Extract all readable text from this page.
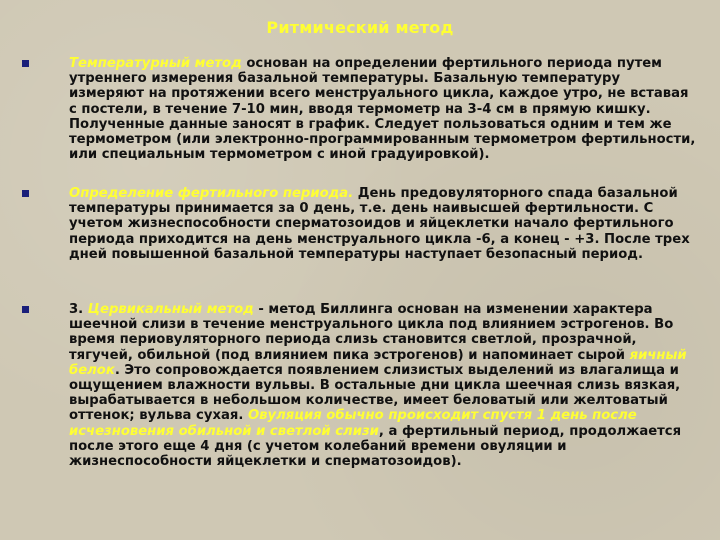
Ритмический метод
Температурный метод основан на определении фертильного периода путем утреннего измерения базальной температуры. Базальную температуру измеряют на протяжении всего менструального цикла, каждое утро, не вставая с постели, в течение 7-10 мин, вводя термометр на 3-4 см в прямую кишку. Полученные данные заносят в график. Следует пользоваться одним и тем же термометром (или электронно-программированным термометром фертильности, или специальным термометром с иной градуировкой).
Определение фертильного периода. День предовуляторного спада базальной температуры принимается за 0 день, т.е. день наивысшей фертильности. С учетом жизнеспособности сперматозоидов и яйцеклетки начало фертильного периода приходится на день менструального цикла -6, а конец - +3. После трех дней повышенной базальной температуры наступает безопасный период.
3. Цервикальный метод - метод Биллинга основан на изменении характера шеечной слизи в течение менструального цикла под влиянием эстрогенов. Во время периовуляторного периода слизь становится светлой, прозрачной, тягучей, обильной (под влиянием пика эстрогенов) и напоминает сырой яичный белок. Это сопровождается появлением слизистых выделений из влагалища и ощущением влажности вульвы. В остальные дни цикла шеечная слизь вязкая, вырабатывается в небольшом количестве, имеет беловатый или желтоватый оттенок; вульва сухая. Овуляция обычно происходит спустя 1 день после исчезновения обильной и светлой слизи, а фертильный период, продолжается после этого еще 4 дня (с учетом колебаний времени овуляции и жизнеспособности яйцеклетки и сперматозоидов).
